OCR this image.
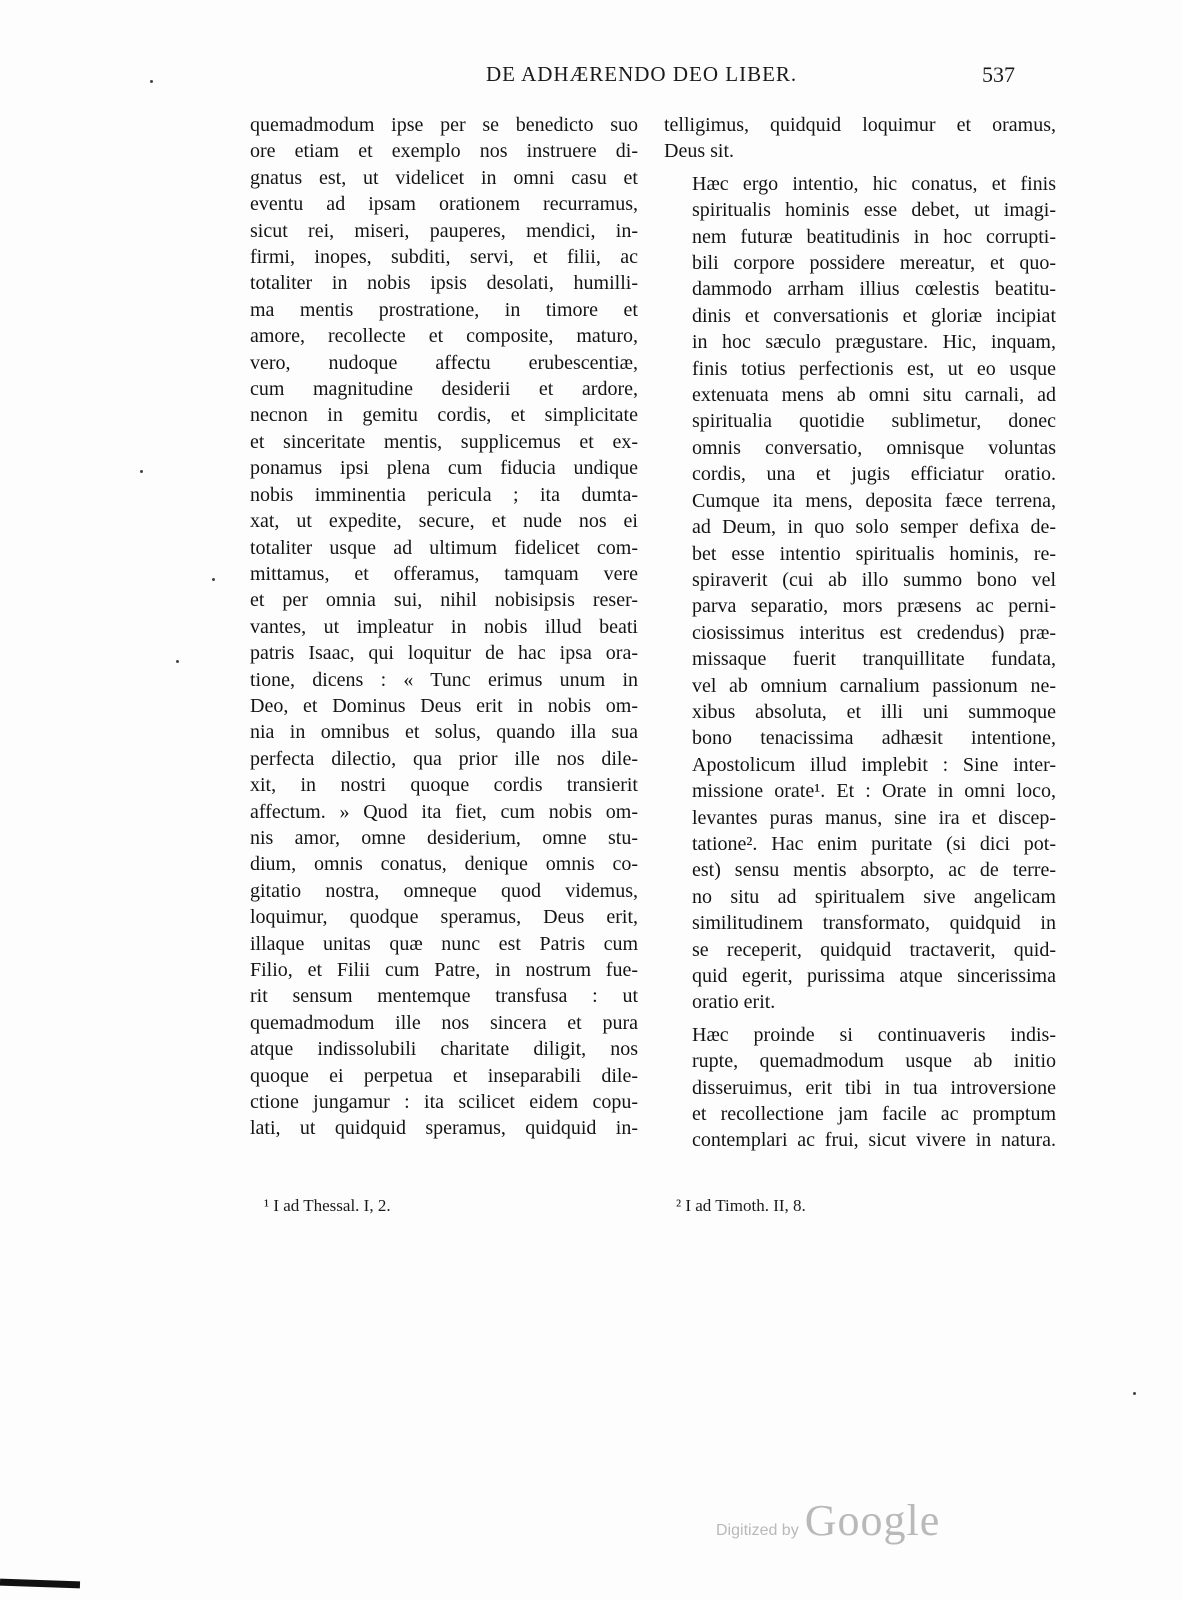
DE ADHÆRENDO DEO LIBER.	537
quemadmodum ipse per se benedicto suo
ore etiam et exemplo nos instruere di-
gnatus est, ut videlicet in omni casu et
eventu ad ipsam orationem recurramus,
sicut rei, miseri, pauperes, mendici, in-
firmi, inopes, subditi, servi, et filii, ac
totaliter in nobis ipsis desolati, humilli-
ma mentis prostratione, in timore et
amore, recollecte et composite, maturo,
vero, nudoque affectu erubescentiæ,
cum magnitudine desiderii et ardore,
necnon in gemitu cordis, et simplicitate
et sinceritate mentis, supplicemus et ex-
ponamus ipsi plena cum fiducia undique
nobis imminentia pericula ; ita dumta-
xat, ut expedite, secure, et nude nos ei
totaliter usque ad ultimum fidelicet com-
mittamus, et offeramus, tamquam vere
et per omnia sui, nihil nobisipsis reser-
vantes, ut impleatur in nobis illud beati
patris Isaac, qui loquitur de hac ipsa ora-
tione, dicens : « Tunc erimus unum in
Deo, et Dominus Deus erit in nobis om-
nia in omnibus et solus, quando illa sua
perfecta dilectio, qua prior ille nos dile-
xit, in nostri quoque cordis transierit
affectum. » Quod ita fiet, cum nobis om-
nis amor, omne desiderium, omne stu-
dium, omnis conatus, denique omnis co-
gitatio nostra, omneque quod videmus,
loquimur, quodque speramus, Deus erit,
illaque unitas quæ nunc est Patris cum
Filio, et Filii cum Patre, in nostrum fue-
rit sensum mentemque transfusa : ut
quemadmodum ille nos sincera et pura
atque indissolubili charitate diligit, nos
quoque ei perpetua et inseparabili dile-
ctione jungamur : ita scilicet eidem copu-
lati, ut quidquid speramus, quidquid in-

telligimus, quidquid loquimur et oramus,
Deus sit.

Hæc ergo intentio, hic conatus, et finis
spiritualis hominis esse debet, ut imagi-
nem futuræ beatitudinis in hoc corrupti-
bili corpore possidere mereatur, et quo-
dammodo arrham illius cœlestis beatitu-
dinis et conversationis et gloriæ incipiat
in hoc sæculo prægustare. Hic, inquam,
finis totius perfectionis est, ut eo usque
extenuata mens ab omni situ carnali, ad
spiritualia quotidie sublimetur, donec
omnis conversatio, omnisque voluntas
cordis, una et jugis efficiatur oratio.
Cumque ita mens, deposita fæce terrena,
ad Deum, in quo solo semper defixa de-
bet esse intentio spiritualis hominis, re-
spiraverit (cui ab illo summo bono vel
parva separatio, mors præsens ac perni-
ciosissimus interitus est credendus) præ-
missaque fuerit tranquillitate fundata,
vel ab omnium carnalium passionum ne-
xibus absoluta, et illi uni summoque
bono tenacissima adhæsit intentione,
Apostolicum illud implebit : Sine inter-
missione orate¹. Et : Orate in omni loco,
levantes puras manus, sine ira et discep-
tatione². Hac enim puritate (si dici pot-
est) sensu mentis absorpto, ac de terre-
no situ ad spiritualem sive angelicam
similitudinem transformato, quidquid in
se receperit, quidquid tractaverit, quid-
quid egerit, purissima atque sincerissima
oratio erit.

Hæc proinde si continuaveris indis-
rupte, quemadmodum usque ab initio
disseruimus, erit tibi in tua introversione
et recollectione jam facile ac promptum
contemplari ac frui, sicut vivere in natura.

¹ I ad Thessal. I, 2.	² I ad Timoth. II, 8.
Digitized by Google
